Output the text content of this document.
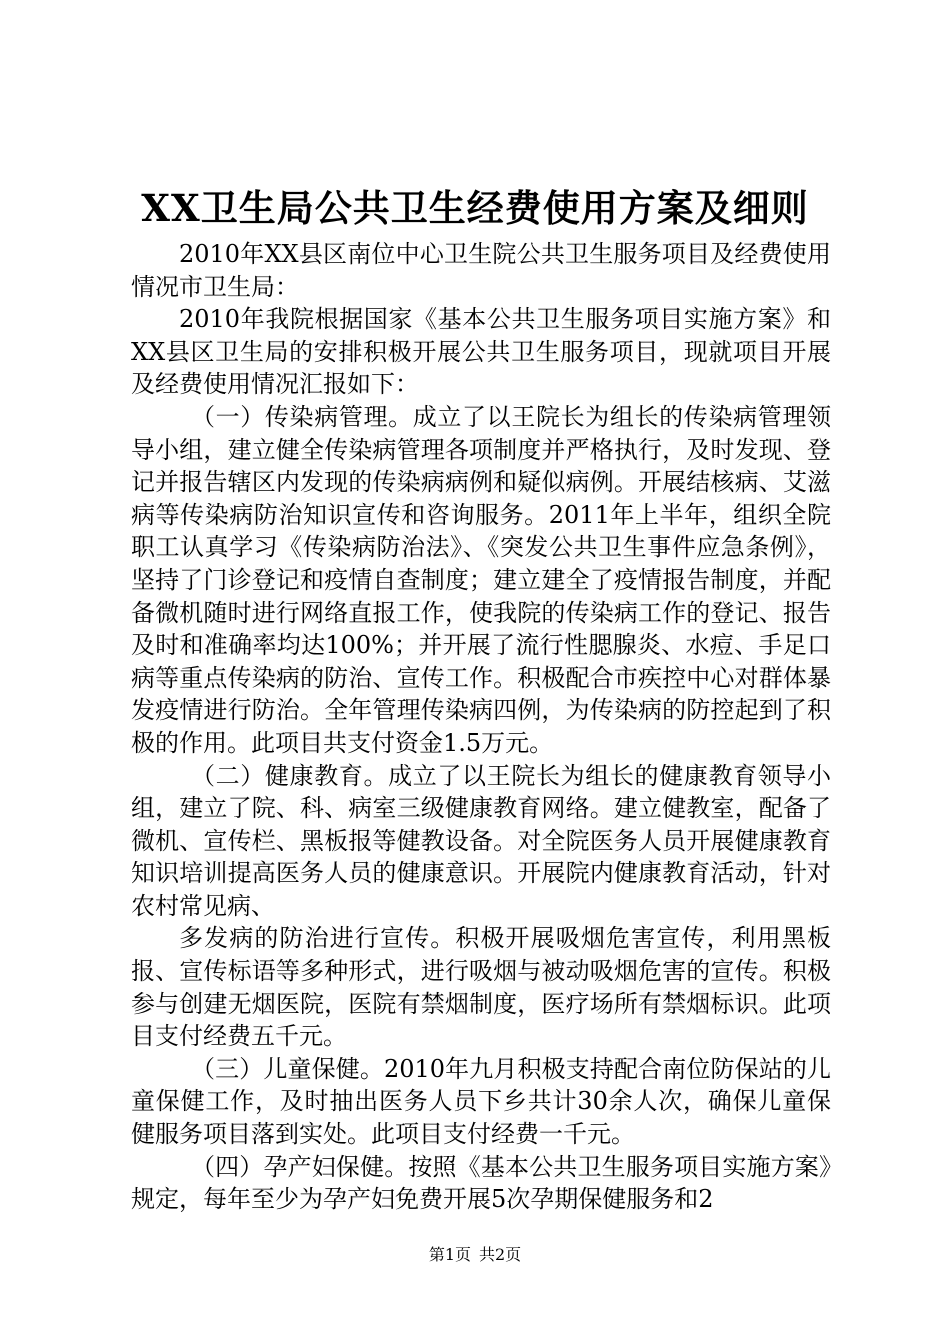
XX卫生局公共卫生经费使用方案及细则

2010年XX县区南位中心卫生院公共卫生服务项目及经费使用情况市卫生局：

2010年我院根据国家《基本公共卫生服务项目实施方案》和XX县区卫生局的安排积极开展公共卫生服务项目，现就项目开展及经费使用情况汇报如下：

（一）传染病管理。成立了以王院长为组长的传染病管理领导小组，建立健全传染病管理各项制度并严格执行，及时发现、登记并报告辖区内发现的传染病病例和疑似病例。开展结核病、艾滋病等传染病防治知识宣传和咨询服务。2011年上半年，组织全院职工认真学习《传染病防治法》、《突发公共卫生事件应急条例》，坚持了门诊登记和疫情自查制度；建立建全了疫情报告制度，并配备微机随时进行网络直报工作，使我院的传染病工作的登记、报告及时和准确率均达100%；并开展了流行性腮腺炎、水痘、手足口病等重点传染病的防治、宣传工作。积极配合市疾控中心对群体暴发疫情进行防治。全年管理传染病四例，为传染病的防控起到了积极的作用。此项目共支付资金1.5万元。

（二）健康教育。成立了以王院长为组长的健康教育领导小组，建立了院、科、病室三级健康教育网络。建立健教室，配备了微机、宣传栏、黑板报等健教设备。对全院医务人员开展健康教育知识培训提高医务人员的健康意识。开展院内健康教育活动，针对农村常见病、

多发病的防治进行宣传。积极开展吸烟危害宣传，利用黑板报、宣传标语等多种形式，进行吸烟与被动吸烟危害的宣传。积极参与创建无烟医院，医院有禁烟制度，医疗场所有禁烟标识。此项目支付经费五千元。

（三）儿童保健。2010年九月积极支持配合南位防保站的儿童保健工作，及时抽出医务人员下乡共计30余人次，确保儿童保健服务项目落到实处。此项目支付经费一千元。

（四）孕产妇保健。按照《基本公共卫生服务项目实施方案》规定，每年至少为孕产妇免费开展5次孕期保健服务和2

第1页 共2页
